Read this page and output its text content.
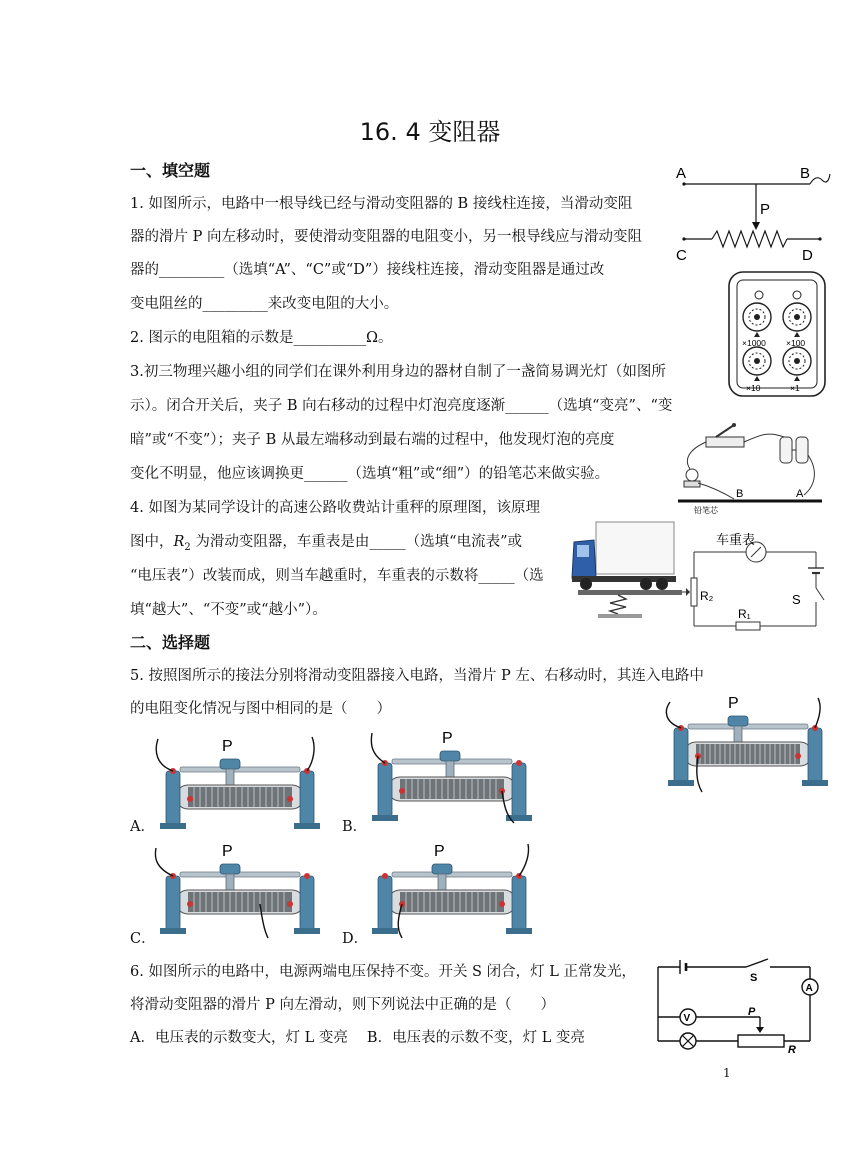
16. 4 变阻器
一、填空题
1. 如图所示，电路中一根导线已经与滑动变阻器的 B 接线柱连接，当滑动变阻
器的滑片 P 向左移动时，要使滑动变阻器的电阻变小，另一根导线应与滑动变阻
器的_________（选填“A”、“C”或“D”）接线柱连接，滑动变阻器是通过改
变电阻丝的_________来改变电阻的大小。
A	B
P
C	D
2. 图示的电阻箱的示数是__________Ω。	×1000 ×100
×10	×1
3.初三物理兴趣小组的同学们在课外利用身边的器材自制了一盏简易调光灯（如图所
示）。闭合开关后，夹子 B 向右移动的过程中灯泡亮度逐渐______（选填“变亮”、“变
暗”或“不变”）；夹子 B 从最左端移动到最右端的过程中，他发现灯泡的亮度
变化不明显，他应该调换更______（选填“粗”或“细”）的铅笔芯来做实验。
B	A
铅笔芯
4. 如图为某同学设计的高速公路收费站计重秤的原理图，该原理
图中，$R_2$ 为滑动变阻器，车重表是由_____（选填“电流表”或
“电压表”）改装而成，则当车越重时，车重表的示数将_____（选
填“越大”、“不变”或“越小”）。
R₂
车重表
S
R₁
二、选择题
5. 按照图所示的接法分别将滑动变阻器接入电路，当滑片 P 左、右移动时，其连入电路中
的电阻变化情况与图中相同的是（　　）
A．	B．
C．	D．
P
P	P
P	P
6. 如图所示的电路中，电源两端电压保持不变。开关 S 闭合，灯 L 正常发光，
将滑动变阻器的滑片 P 向左滑动，则下列说法中正确的是（　　）
A．电压表的示数变大，灯 L 变亮　 B．电压表的示数不变，灯 L 变亮
S
A
V
P
R
1
